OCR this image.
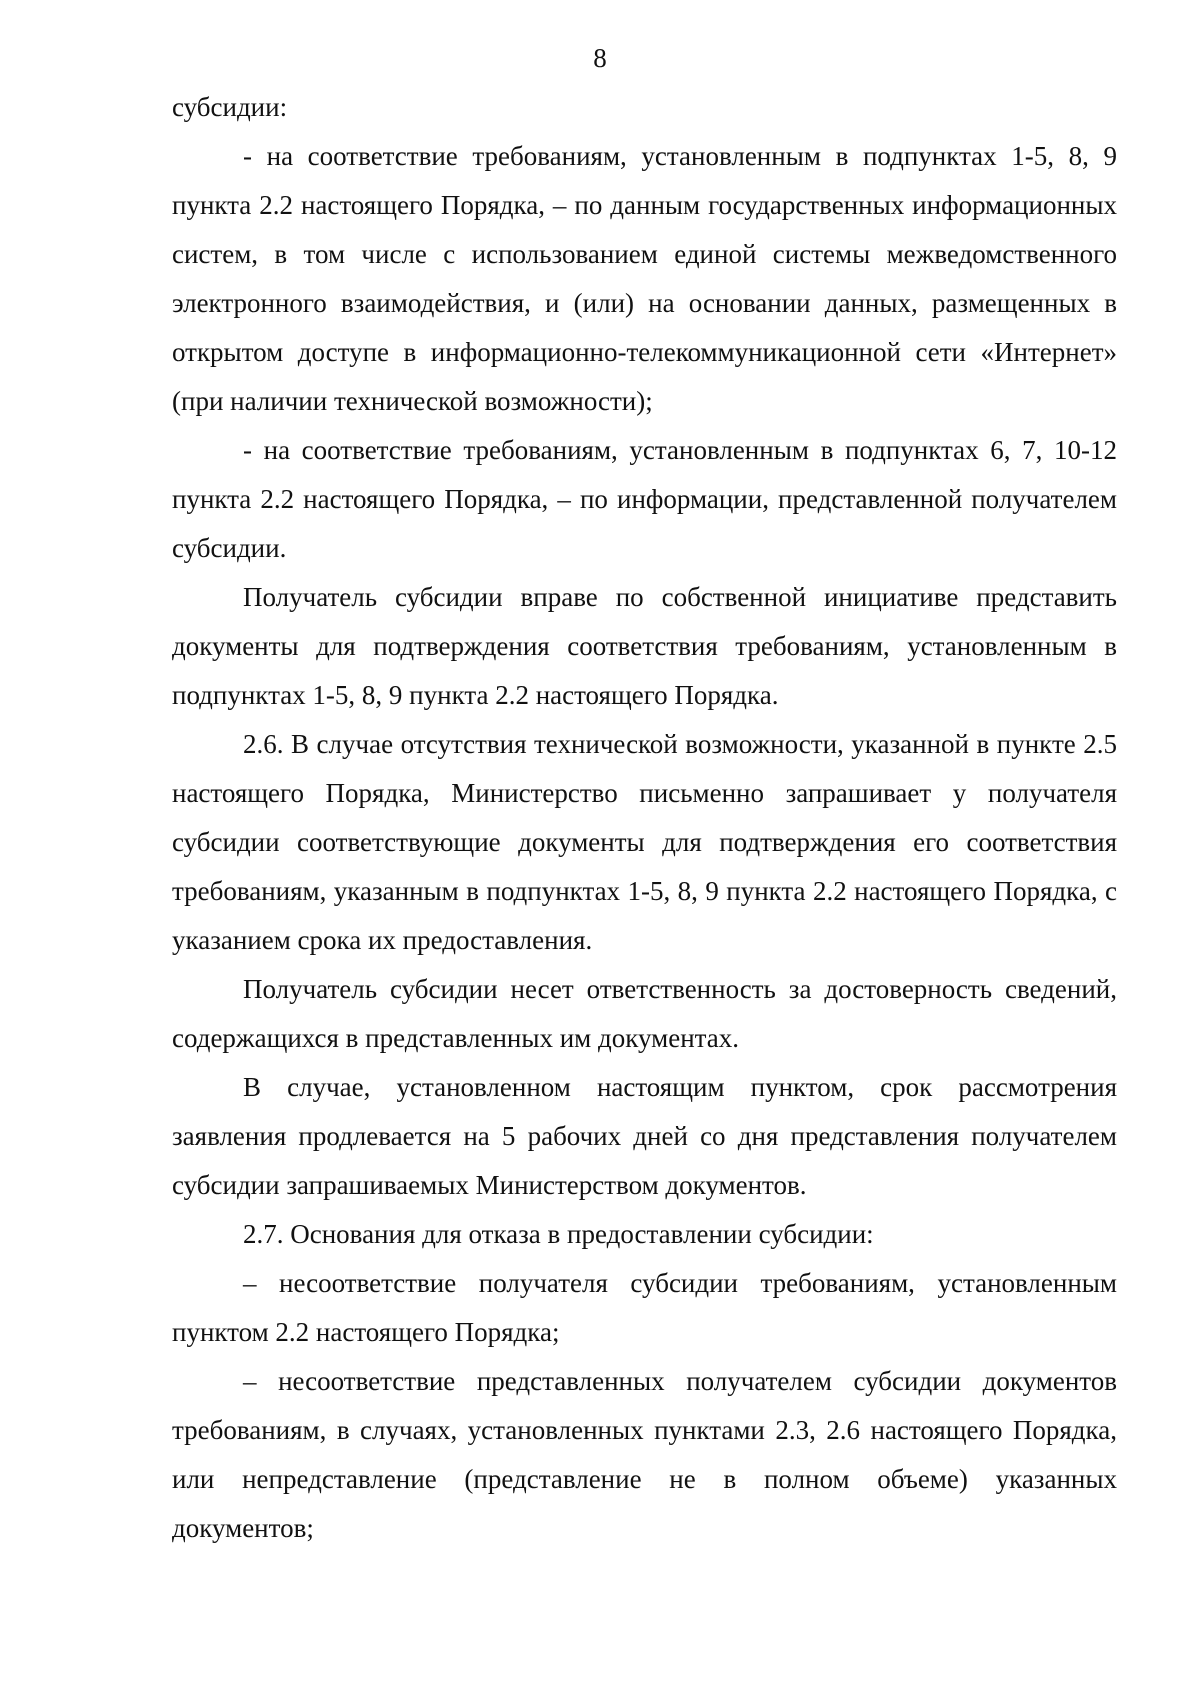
8

субсидии:

- на соответствие требованиям, установленным в подпунктах 1-5, 8, 9 пункта 2.2 настоящего Порядка, – по данным государственных информационных систем, в том числе с использованием единой системы межведомственного электронного взаимодействия, и (или) на основании данных, размещенных в открытом доступе в информационно-телекоммуникационной сети «Интернет» (при наличии технической возможности);

- на соответствие требованиям, установленным в подпунктах 6, 7, 10-12 пункта 2.2 настоящего Порядка, – по информации, представленной получателем субсидии.

Получатель субсидии вправе по собственной инициативе представить документы для подтверждения соответствия требованиям, установленным в подпунктах 1-5, 8, 9 пункта 2.2 настоящего Порядка.

2.6. В случае отсутствия технической возможности, указанной в пункте 2.5 настоящего Порядка, Министерство письменно запрашивает у получателя субсидии соответствующие документы для подтверждения его соответствия требованиям, указанным в подпунктах 1-5, 8, 9 пункта 2.2 настоящего Порядка, с указанием срока их предоставления.

Получатель субсидии несет ответственность за достоверность сведений, содержащихся в представленных им документах.

В случае, установленном настоящим пунктом, срок рассмотрения заявления продлевается на 5 рабочих дней со дня представления получателем субсидии запрашиваемых Министерством документов.

2.7. Основания для отказа в предоставлении субсидии:

– несоответствие получателя субсидии требованиям, установленным пунктом 2.2 настоящего Порядка;

– несоответствие представленных получателем субсидии документов требованиям, в случаях, установленных пунктами 2.3, 2.6 настоящего Порядка, или непредставление (представление не в полном объеме) указанных документов;
